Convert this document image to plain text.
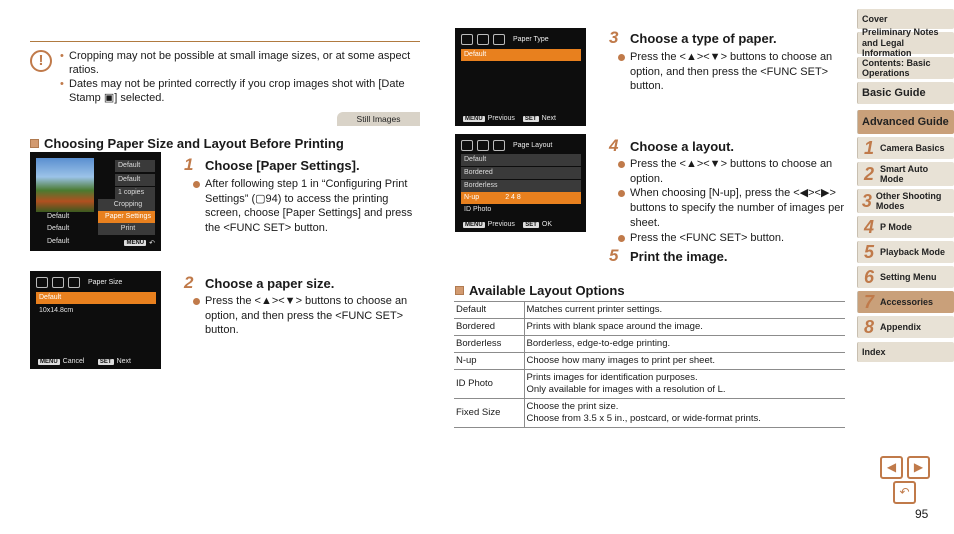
!	• Cropping may not be possible at small image sizes, or at some aspect ratios.
• Dates may not be printed correctly if you crop images shot with [Date Stamp ▣] selected.
Still Images
Choosing Paper Size and Layout Before Printing
Default
Default
1 copies
Cropping
Paper Settings
Print
Default
Default
Default	MENU ↶
1 Choose [Paper Settings].
After following step 1 in “Configuring Print Settings” (▢94) to access the printing screen, choose [Paper Settings] and press the <FUNC SET> button.
Paper Size
Default
10x14.8cm
MENU Cancel	SET Next
2 Choose a paper size.
Press the <▲><▼> buttons to choose an option, and then press the <FUNC SET> button.
Paper Type
Default
MENU Previous	SET Next
3 Choose a type of paper.
Press the <▲><▼> buttons to choose an option, and then press the <FUNC SET> button.
Page Layout
Default
Bordered
Borderless
N-up	2 4 8
ID Photo
MENU Previous	SET OK
4 Choose a layout.
Press the <▲><▼> buttons to choose an option.
When choosing [N-up], press the <◀><▶> buttons to specify the number of images per sheet.
Press the <FUNC SET> button.
5 Print the image.
Available Layout Options
Default	Matches current printer settings.

Bordered	Prints with blank space around the image.

Borderless	Borderless, edge-to-edge printing.

N-up	Choose how many images to print per sheet.

ID Photo	Prints images for identification purposes.
Only available for images with a resolution of L.

Fixed Size	Choose the print size.
Choose from 3.5 x 5 in., postcard, or wide-format prints.
Cover
Preliminary Notes and Legal Information
Contents: Basic Operations
Basic Guide
Advanced Guide
1 Camera Basics
2 Smart Auto Mode
3 Other Shooting Modes
4 P Mode
5 Playback Mode
6 Setting Menu
7 Accessories
8 Appendix
Index
◀	▶
↶
95
